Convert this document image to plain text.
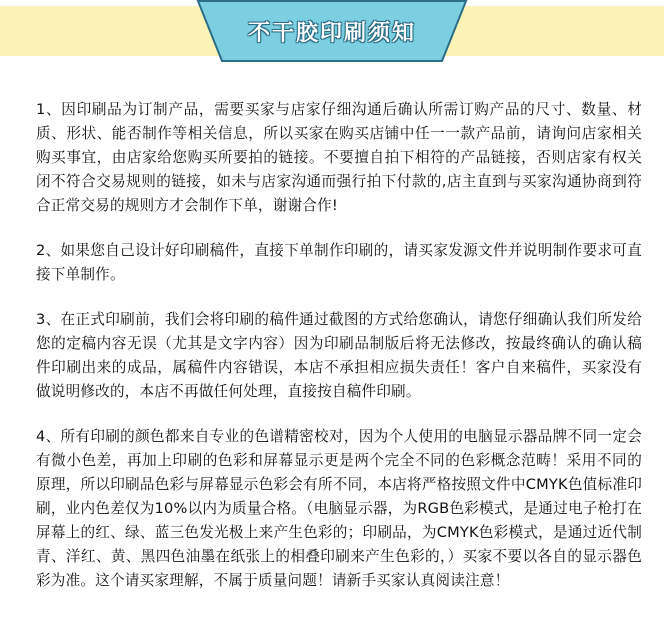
不干胶印刷须知

1、因印刷品为订制产品，需要买家与店家仔细沟通后确认所需订购产品的尺寸、数量、材质、形状、能否制作等相关信息，所以买家在购买店铺中任一一款产品前，请询问店家相关购买事宜，由店家给您购买所要拍的链接。不要擅自拍下相符的产品链接，否则店家有权关闭不符合交易规则的链接，如未与店家沟通而强行拍下付款的,店主直到与买家沟通协商到符合正常交易的规则方才会制作下单，谢谢合作!

2、如果您自己设计好印刷稿件，直接下单制作印刷的，请买家发源文件并说明制作要求可直接下单制作。

3、在正式印刷前，我们会将印刷的稿件通过截图的方式给您确认，请您仔细确认我们所发给您的定稿内容无误（尤其是文字内容）因为印刷品制版后将无法修改，按最终确认的确认稿件印刷出来的成品，属稿件内容错误，本店不承担相应损失责任！客户自来稿件，买家没有做说明修改的，本店不再做任何处理，直接按自稿件印刷。

4、所有印刷的颜色都来自专业的色谱精密校对，因为个人使用的电脑显示器品牌不同一定会有微小色差，再加上印刷的色彩和屏幕显示更是两个完全不同的色彩概念范畴！采用不同的原理，所以印刷品色彩与屏幕显示色彩会有所不同，本店将严格按照文件中CMYK色值标准印刷，业内色差仅为10%以内为质量合格。（电脑显示器，为RGB色彩模式，是通过电子枪打在屏幕上的红、绿、蓝三色发光极上来产生色彩的；印刷品，为CMYK色彩模式，是通过近代制青、洋红、黄、黑四色油墨在纸张上的相叠印刷来产生色彩的，）买家不要以各自的显示器色彩为准。这个请买家理解，不属于质量问题！请新手买家认真阅读注意！
